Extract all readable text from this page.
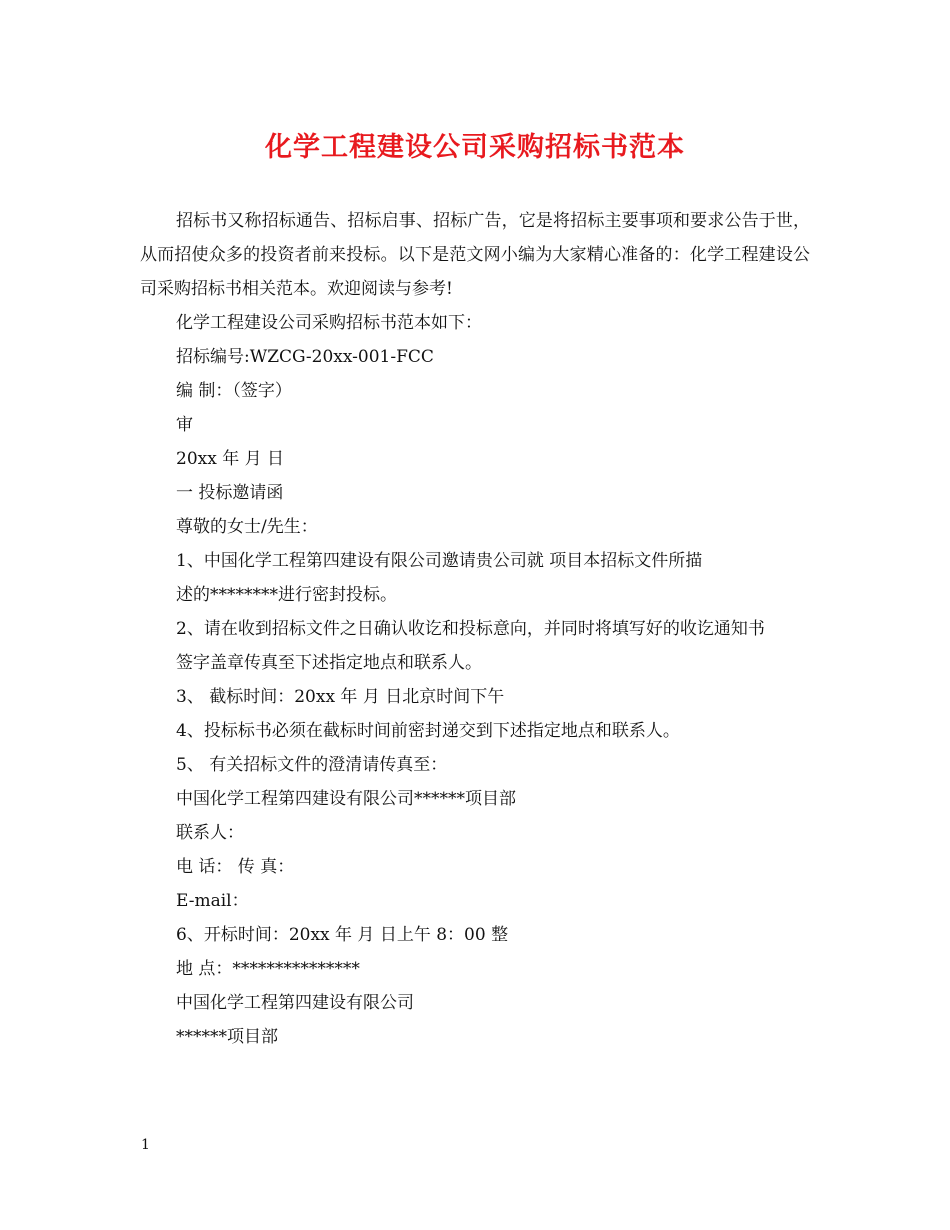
化学工程建设公司采购招标书范本

招标书又称招标通告、招标启事、招标广告，它是将招标主要事项和要求公告于世，从而招使众多的投资者前来投标。以下是范文网小编为大家精心准备的：化学工程建设公司采购招标书相关范本。欢迎阅读与参考!

化学工程建设公司采购招标书范本如下：

招标编号:WZCG-20xx-001-FCC

编 制：（签字）

审

20xx 年 月 日

一 投标邀请函

尊敬的女士/先生：

1、中国化学工程第四建设有限公司邀请贵公司就 项目本招标文件所描

述的********进行密封投标。

2、请在收到招标文件之日确认收讫和投标意向，并同时将填写好的收讫通知书

签字盖章传真至下述指定地点和联系人。

3、 截标时间：20xx 年 月 日北京时间下午

4、投标标书必须在截标时间前密封递交到下述指定地点和联系人。

5、 有关招标文件的澄清请传真至：

中国化学工程第四建设有限公司******项目部

联系人：

电 话： 传 真：

E-mail：

6、开标时间：20xx 年 月 日上午 8：00 整

地 点：***************

中国化学工程第四建设有限公司

******项目部

1
